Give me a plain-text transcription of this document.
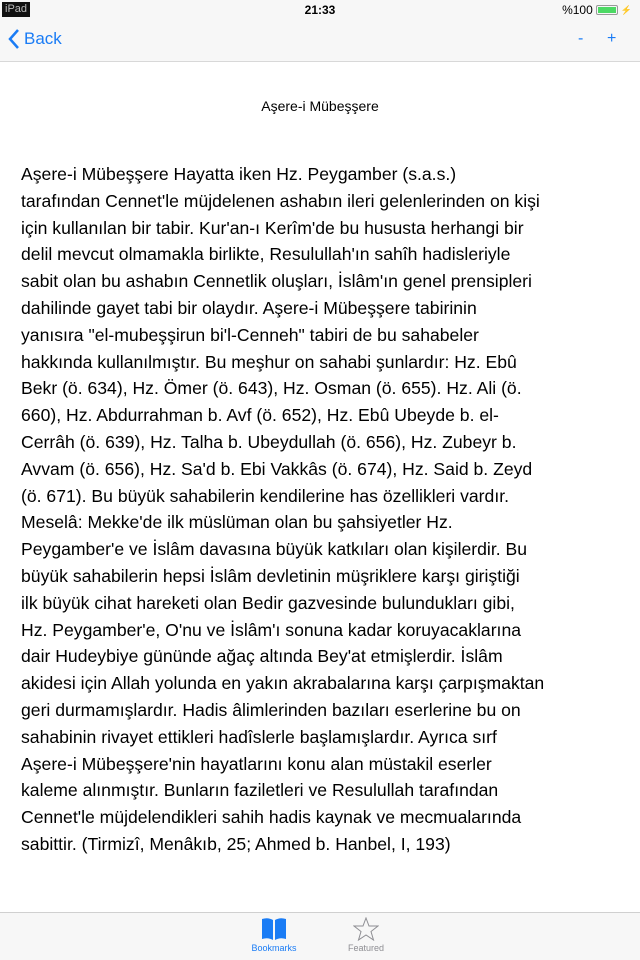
iPad	21:33	%100	⚡
Back	- +
Aşere-i Mübeşşere
Aşere-i Mübeşşere Hayatta iken Hz. Peygamber (s.a.s.)
tarafından Cennet'le müjdelenen ashabın ileri gelenlerinden on kişi
için kullanılan bir tabir. Kur'an-ı Kerîm'de bu hususta herhangi bir
delil mevcut olmamakla birlikte, Resulullah'ın sahîh hadisleriyle
sabit olan bu ashabın Cennetlik oluşları, İslâm'ın genel prensipleri
dahilinde gayet tabi bir olaydır. Aşere-i Mübeşşere tabirinin
yanısıra "el-mubeşşirun bi'l-Cenneh" tabiri de bu sahabeler
hakkında kullanılmıştır. Bu meşhur on sahabi şunlardır: Hz. Ebû
Bekr (ö. 634), Hz. Ömer (ö. 643), Hz. Osman (ö. 655). Hz. Ali (ö.
660), Hz. Abdurrahman b. Avf (ö. 652), Hz. Ebû Ubeyde b. el-
Cerrâh (ö. 639), Hz. Talha b. Ubeydullah (ö. 656), Hz. Zubeyr b.
Avvam (ö. 656), Hz. Sa'd b. Ebi Vakkâs (ö. 674), Hz. Said b. Zeyd
(ö. 671). Bu büyük sahabilerin kendilerine has özellikleri vardır.
Meselâ: Mekke'de ilk müslüman olan bu şahsiyetler Hz.
Peygamber'e ve İslâm davasına büyük katkıları olan kişilerdir. Bu
büyük sahabilerin hepsi İslâm devletinin müşriklere karşı giriştiği
ilk büyük cihat hareketi olan Bedir gazvesinde bulundukları gibi,
Hz. Peygamber'e, O'nu ve İslâm'ı sonuna kadar koruyacaklarına
dair Hudeybiye gününde ağaç altında Bey'at etmişlerdir. İslâm
akidesi için Allah yolunda en yakın akrabalarına karşı çarpışmaktan
geri durmamışlardır. Hadis âlimlerinden bazıları eserlerine bu on
sahabinin rivayet ettikleri hadîslerle başlamışlardır. Ayrıca sırf
Aşere-i Mübeşşere'nin hayatlarını konu alan müstakil eserler
kaleme alınmıştır. Bunların faziletleri ve Resulullah tarafından
Cennet'le müjdelendikleri sahih hadis kaynak ve mecmualarında
sabittir. (Tirmizî, Menâkıb, 25; Ahmed b. Hanbel, I, 193)
Bookmarks	Featured
